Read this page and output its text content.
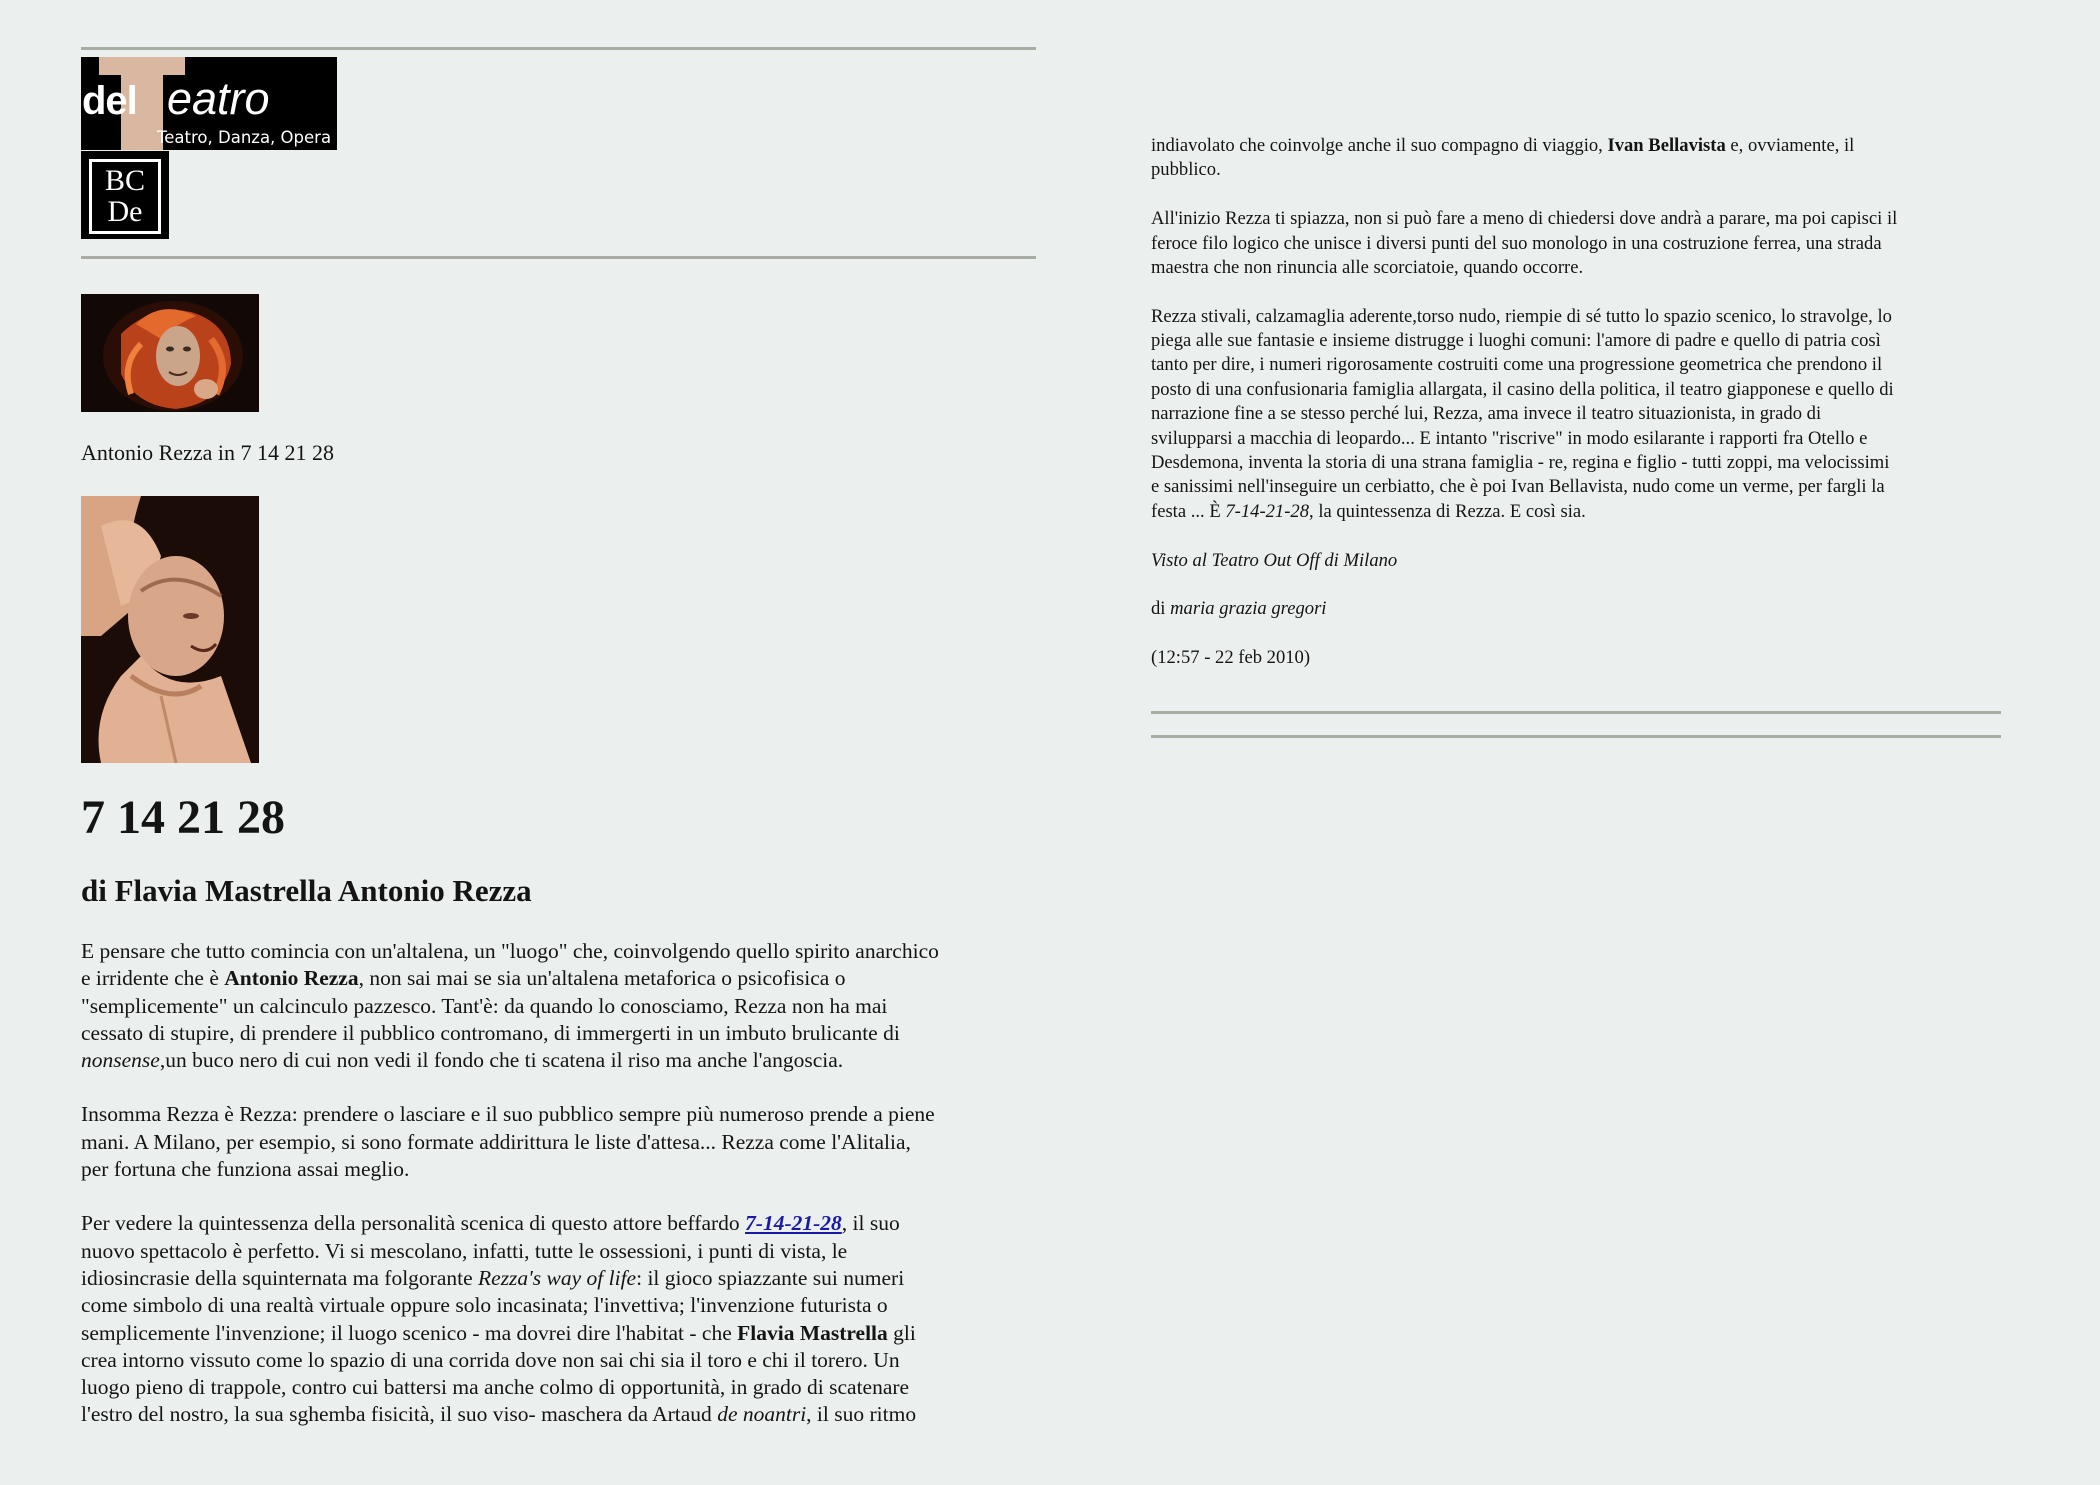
del eatro
Teatro, Danza, Opera
BC
De
Antonio Rezza in 7 14 21 28
7 14 21 28
di Flavia Mastrella Antonio Rezza

E pensare che tutto comincia con un'altalena, un "luogo" che, coinvolgendo quello spirito anarchico
e irridente che è Antonio Rezza, non sai mai se sia un'altalena metaforica o psicofisica o
"semplicemente" un calcinculo pazzesco. Tant'è: da quando lo conosciamo, Rezza non ha mai
cessato di stupire, di prendere il pubblico contromano, di immergerti in un imbuto brulicante di
nonsense,un buco nero di cui non vedi il fondo che ti scatena il riso ma anche l'angoscia.

Insomma Rezza è Rezza: prendere o lasciare e il suo pubblico sempre più numeroso prende a piene
mani. A Milano, per esempio, si sono formate addirittura le liste d'attesa... Rezza come l'Alitalia,
per fortuna che funziona assai meglio.

Per vedere la quintessenza della personalità scenica di questo attore beffardo 7-14-21-28, il suo
nuovo spettacolo è perfetto. Vi si mescolano, infatti, tutte le ossessioni, i punti di vista, le
idiosincrasie della squinternata ma folgorante Rezza's way of life: il gioco spiazzante sui numeri
come simbolo di una realtà virtuale oppure solo incasinata; l'invettiva; l'invenzione futurista o
semplicemente l'invenzione; il luogo scenico - ma dovrei dire l'habitat - che Flavia Mastrella gli
crea intorno vissuto come lo spazio di una corrida dove non sai chi sia il toro e chi il torero. Un
luogo pieno di trappole, contro cui battersi ma anche colmo di opportunità, in grado di scatenare
l'estro del nostro, la sua sghemba fisicità, il suo viso- maschera da Artaud de noantri, il suo ritmo

indiavolato che coinvolge anche il suo compagno di viaggio, Ivan Bellavista e, ovviamente, il
pubblico.

All'inizio Rezza ti spiazza, non si può fare a meno di chiedersi dove andrà a parare, ma poi capisci il
feroce filo logico che unisce i diversi punti del suo monologo in una costruzione ferrea, una strada
maestra che non rinuncia alle scorciatoie, quando occorre.

Rezza stivali, calzamaglia aderente,torso nudo, riempie di sé tutto lo spazio scenico, lo stravolge, lo
piega alle sue fantasie e insieme distrugge i luoghi comuni: l'amore di padre e quello di patria così
tanto per dire, i numeri rigorosamente costruiti come una progressione geometrica che prendono il
posto di una confusionaria famiglia allargata, il casino della politica, il teatro giapponese e quello di
narrazione fine a se stesso perché lui, Rezza, ama invece il teatro situazionista, in grado di
svilupparsi a macchia di leopardo... E intanto "riscrive" in modo esilarante i rapporti fra Otello e
Desdemona, inventa la storia di una strana famiglia - re, regina e figlio - tutti zoppi, ma velocissimi
e sanissimi nell'inseguire un cerbiatto, che è poi Ivan Bellavista, nudo come un verme, per fargli la
festa ... È 7-14-21-28, la quintessenza di Rezza. E così sia.

Visto al Teatro Out Off di Milano

di maria grazia gregori

(12:57 - 22 feb 2010)
